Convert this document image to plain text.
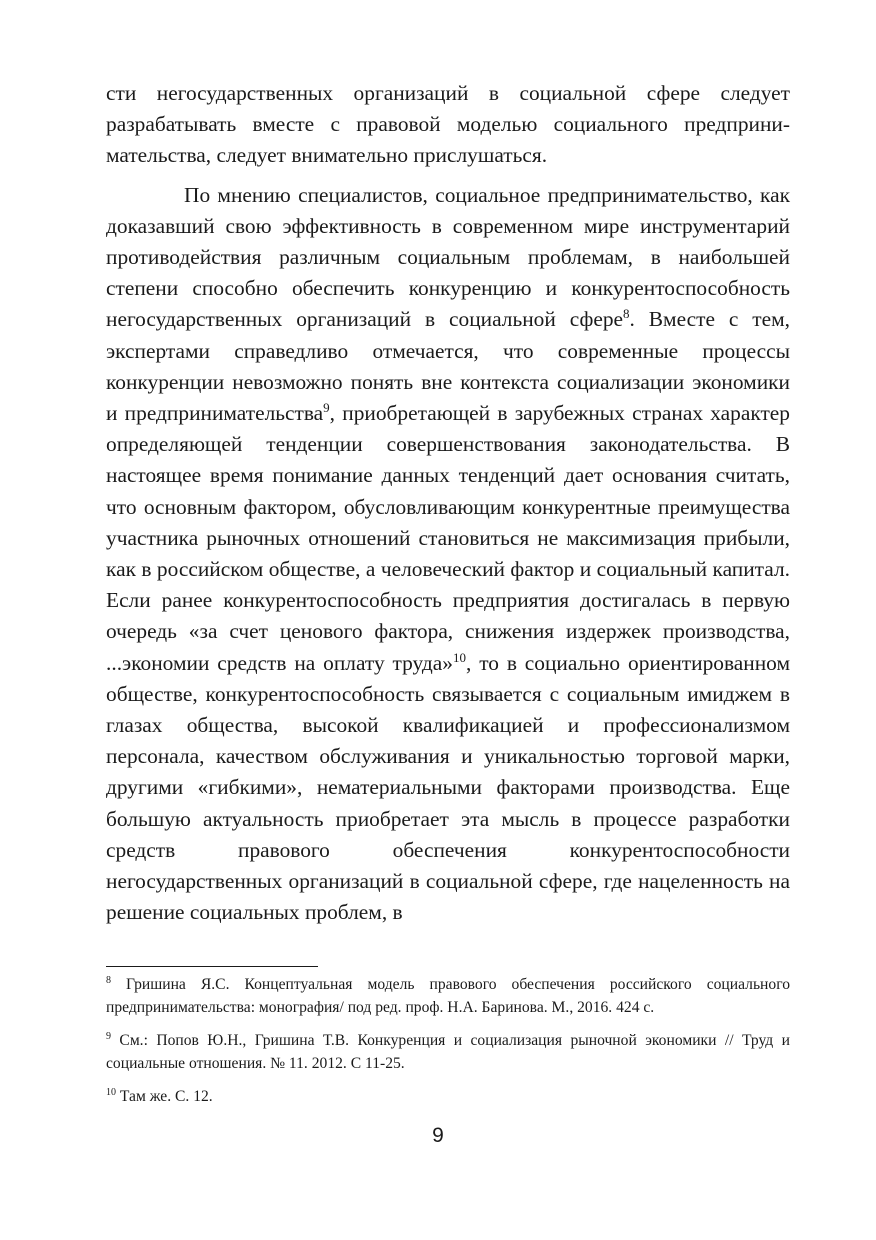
сти негосударственных организаций в социальной сфере следует разрабатывать вместе с правовой моделью социального предпринимательства, следует внимательно прислушаться.

По мнению специалистов, социальное предпринимательство, как доказавший свою эффективность в современном мире инструментарий противодействия различным социальным проблемам, в наибольшей степени способно обеспечить конкуренцию и конкурентоспособность негосударственных организаций в социальной сфере$^8$. Вместе с тем, экспертами справедливо отмечается, что современные процессы конкуренции невозможно понять вне контекста социализации экономики и предпринимательства$^9$, приобретающей в зарубежных странах характер определяющей тенденции совершенствования законодательства. В настоящее время понимание данных тенденций дает основания считать, что основным фактором, обусловливающим конкурентные преимущества участника рыночных отношений становиться не максимизация прибыли, как в российском обществе, а человеческий фактор и социальный капитал. Если ранее конкурентоспособность предприятия достигалась в первую очередь «за счет ценового фактора, снижения издержек производства, ...экономии средств на оплату труда»$^{10}$, то в социально ориентированном обществе, конкурентоспособность связывается с социальным имиджем в глазах общества, высокой квалификацией и профессионализмом персонала, качеством обслуживания и уникальностью торговой марки, другими «гибкими», нематериальными факторами производства. Еще большую актуальность приобретает эта мысль в процессе разработки средств правового обеспечения конкурентоспособности негосударственных организаций в социальной сфере, где нацеленность на решение социальных проблем, в

$^8$ Гришина Я.С. Концептуальная модель правового обеспечения российского социального предпринимательства: монография/ под ред. проф. Н.А. Баринова. М., 2016. 424 с.

$^9$ См.: Попов Ю.Н., Гришина Т.В. Конкуренция и социализация рыночной экономики // Труд и социальные отношения. № 11. 2012. С 11-25.

$^{10}$ Там же. С. 12.

9
